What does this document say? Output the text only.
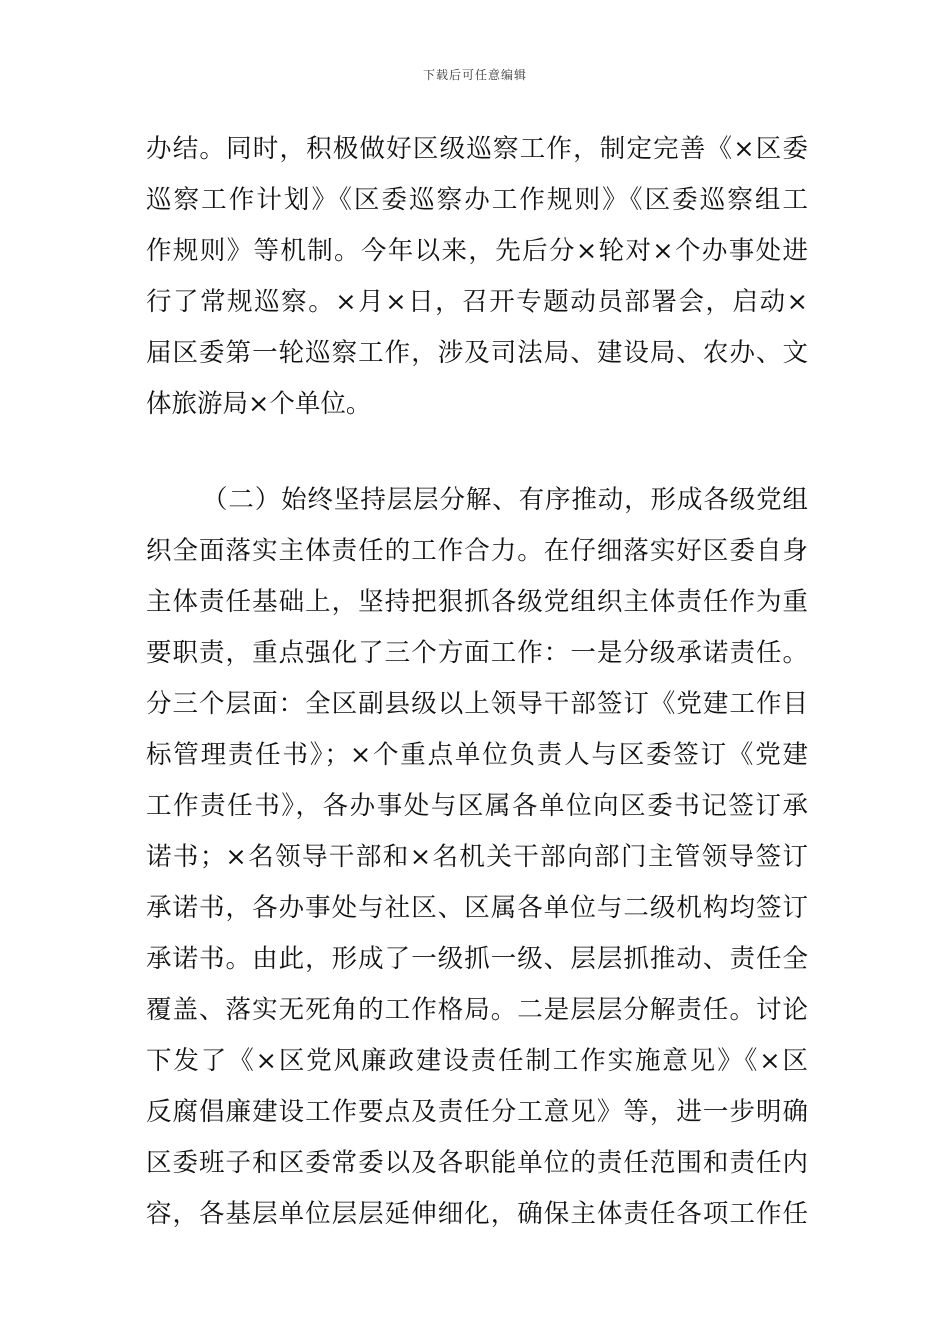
下载后可任意编辑
办结。同时，积极做好区级巡察工作，制定完善《×区委
巡察工作计划》《区委巡察办工作规则》《区委巡察组工
作规则》等机制。今年以来，先后分×轮对×个办事处进
行了常规巡察。×月×日，召开专题动员部署会，启动×
届区委第一轮巡察工作，涉及司法局、建设局、农办、文
体旅游局×个单位。
（二）始终坚持层层分解、有序推动，形成各级党组
织全面落实主体责任的工作合力。在仔细落实好区委自身
主体责任基础上，坚持把狠抓各级党组织主体责任作为重
要职责，重点强化了三个方面工作：一是分级承诺责任。
分三个层面：全区副县级以上领导干部签订《党建工作目
标管理责任书》；×个重点单位负责人与区委签订《党建
工作责任书》，各办事处与区属各单位向区委书记签订承
诺书；×名领导干部和×名机关干部向部门主管领导签订
承诺书，各办事处与社区、区属各单位与二级机构均签订
承诺书。由此，形成了一级抓一级、层层抓推动、责任全
覆盖、落实无死角的工作格局。二是层层分解责任。讨论
下发了《×区党风廉政建设责任制工作实施意见》《×区
反腐倡廉建设工作要点及责任分工意见》等，进一步明确
区委班子和区委常委以及各职能单位的责任范围和责任内
容，各基层单位层层延伸细化，确保主体责任各项工作任
